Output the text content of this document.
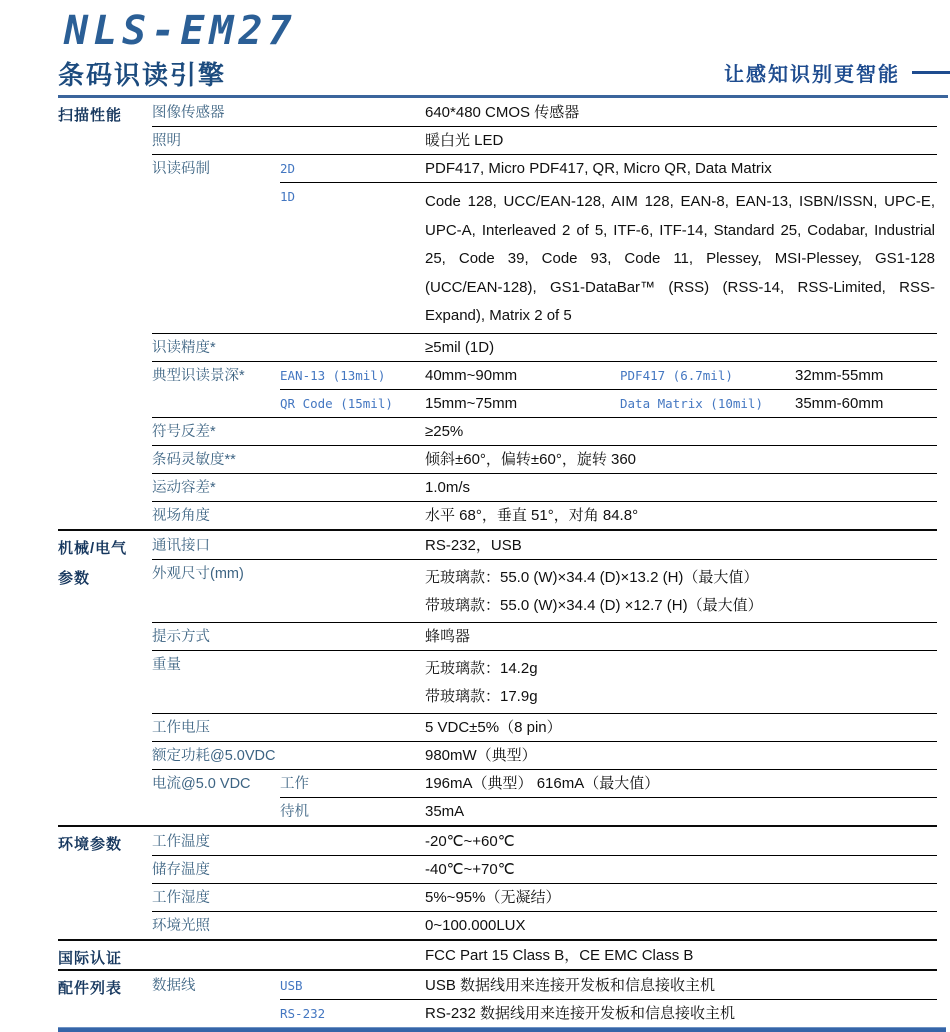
NLS-EM27
条码识读引擎	让感知识别更智能
扫描性能	图像传感器	640*480 CMOS 传感器
照明	暖白光 LED
识读码制	2D	PDF417, Micro PDF417, QR, Micro QR, Data Matrix
1D	Code 128, UCC/EAN-128, AIM 128, EAN-8, EAN-13, ISBN/ISSN, UPC-E, UPC-A, Interleaved 2 of 5, ITF-6, ITF-14, Standard 25, Codabar, Industrial 25, Code 39, Code 93, Code 11, Plessey, MSI-Plessey, GS1-128 (UCC/EAN-128), GS1-DataBar™ (RSS) (RSS-14, RSS-Limited, RSS-Expand), Matrix 2 of 5
识读精度*	≥5mil (1D)
典型识读景深*	EAN-13 (13mil)	40mm~90mm	PDF417 (6.7mil)	32mm-55mm
QR Code (15mil)	15mm~75mm	Data Matrix (10mil)	35mm-60mm
符号反差*	≥25%
条码灵敏度**	倾斜±60°，偏转±60°，旋转 360
运动容差*	1.0m/s
视场角度	水平 68°，垂直 51°，对角 84.8°
机械/电气参数
通讯接口	RS-232，USB
外观尺寸(mm)	无玻璃款：55.0 (W)×34.4 (D)×13.2 (H)（最大值）
带玻璃款：55.0 (W)×34.4 (D) ×12.7 (H)（最大值）
提示方式	蜂鸣器
重量	无玻璃款：14.2g
带玻璃款：17.9g
工作电压	5 VDC±5%（8 pin）
额定功耗@5.0VDC	980mW（典型）
电流@5.0 VDC	工作	196mA（典型） 616mA（最大值）
待机	35mA
环境参数	工作温度	-20℃~+60℃
储存温度	-40℃~+70℃
工作湿度	5%~95%（无凝结）
环境光照	0~100.000LUX
国际认证	FCC Part 15 Class B，CE EMC Class B
配件列表	数据线	USB	USB 数据线用来连接开发板和信息接收主机
RS-232	RS-232 数据线用来连接开发板和信息接收主机
